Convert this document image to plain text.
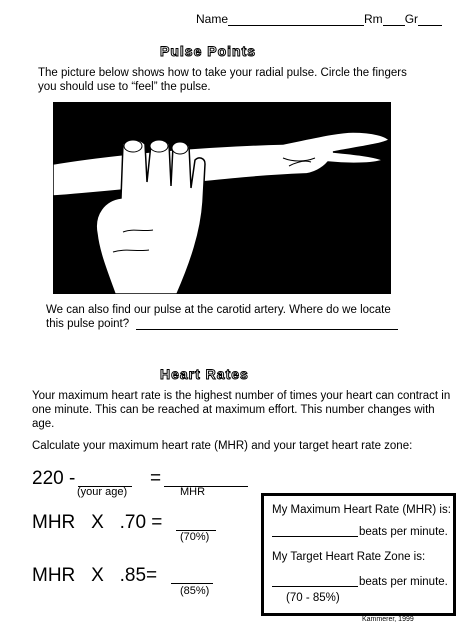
Name	Rm Gr
Pulse Points
The picture below shows how to take your radial pulse. Circle the fingers you should use to “feel” the pulse.
We can also find our pulse at the carotid artery. Where do we locate
this pulse point?
Heart Rates
Your maximum heart rate is the highest number of times your heart can contract in one minute. This can be reached at maximum effort. This number changes with age.
Calculate your maximum heart rate (MHR) and your target heart rate zone:
220 -	=
(your age)	MHR
MHR   X   .70 =
(70%)
MHR   X   .85=
(85%)
My Maximum Heart Rate (MHR) is:
beats per minute.
My Target Heart Rate Zone is:
beats per minute.
(70 - 85%)
Kammerer, 1999
